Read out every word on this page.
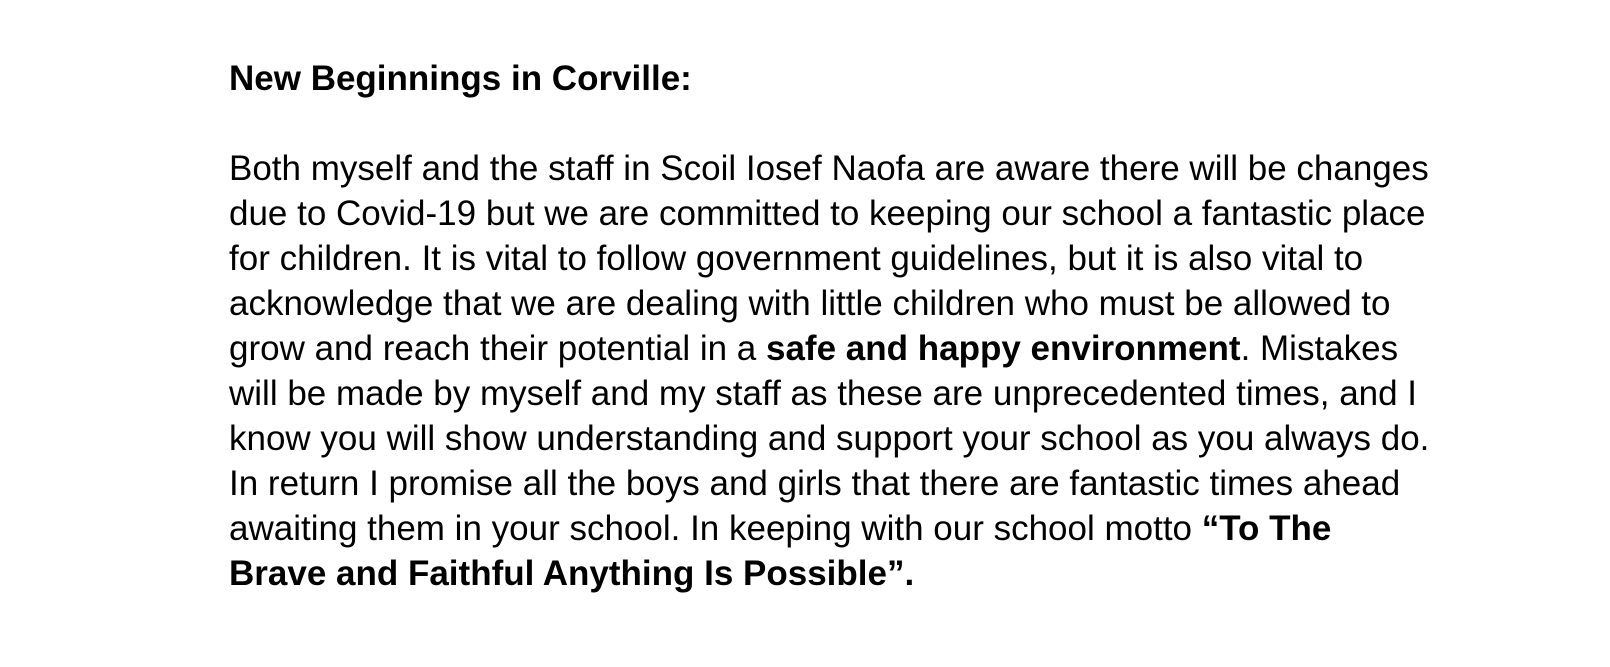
New Beginnings in Corville:
Both myself and the staff in Scoil Iosef Naofa are aware there will be changes
due to Covid-19 but we are committed to keeping our school a fantastic place
for children. It is vital to follow government guidelines, but it is also vital to
acknowledge that we are dealing with little children who must be allowed to
grow and reach their potential in a safe and happy environment. Mistakes
will be made by myself and my staff as these are unprecedented times, and I
know you will show understanding and support your school as you always do.
In return I promise all the boys and girls that there are fantastic times ahead
awaiting them in your school. In keeping with our school motto “To The
Brave and Faithful Anything Is Possible”.
